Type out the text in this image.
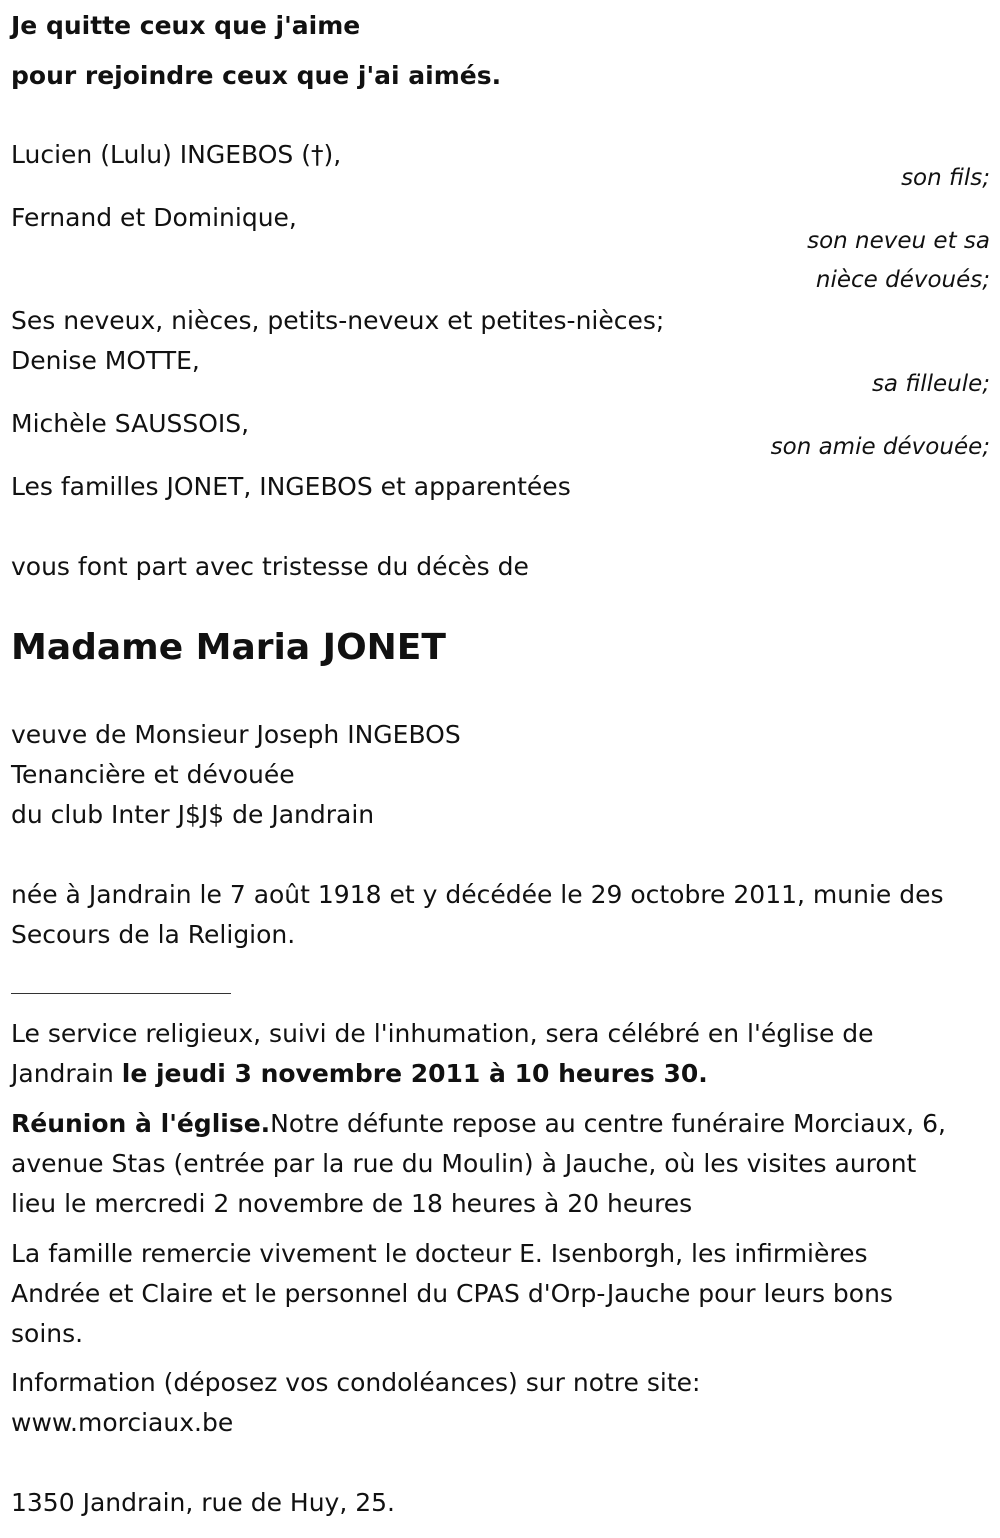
Je quitte ceux que j'aime
pour rejoindre ceux que j'ai aimés.
Lucien (Lulu) INGEBOS (†),
son fils;
Fernand et Dominique,
son neveu et sa
nièce dévoués;
Ses neveux, nièces, petits-neveux et petites-nièces;
Denise MOTTE,
sa filleule;
Michèle SAUSSOIS,
son amie dévouée;
Les familles JONET, INGEBOS et apparentées
vous font part avec tristesse du décès de
Madame Maria JONET
veuve de Monsieur Joseph INGEBOS
Tenancière et dévouée
du club Inter J$J$ de Jandrain
née à Jandrain le 7 août 1918 et y décédée le 29 octobre 2011, munie des
Secours de la Religion.
Le service religieux, suivi de l'inhumation, sera célébré en l'église de
Jandrain le jeudi 3 novembre 2011 à 10 heures 30.
Réunion à l'église.Notre défunte repose au centre funéraire Morciaux, 6,
avenue Stas (entrée par la rue du Moulin) à Jauche, où les visites auront
lieu le mercredi 2 novembre de 18 heures à 20 heures
La famille remercie vivement le docteur E. Isenborgh, les infirmières
Andrée et Claire et le personnel du CPAS d'Orp-Jauche pour leurs bons
soins.
Information (déposez vos condoléances) sur notre site:
www.morciaux.be
1350 Jandrain, rue de Huy, 25.
